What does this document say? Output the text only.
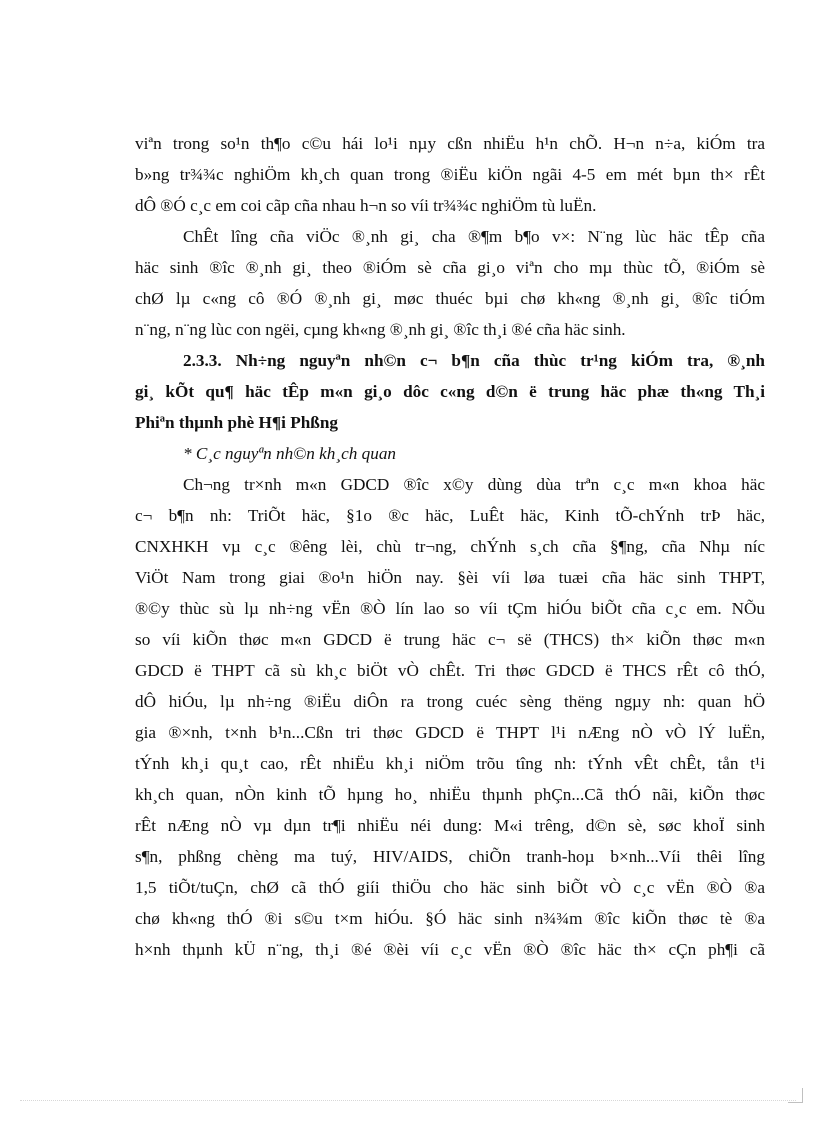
viªn trong so¹n th¶o c©u hái lo¹i nµy cßn nhiËu h¹n chÕ. H¬n n÷a, kiÓm tra
b»ng tr¾¾c nghiÖm kh¸ch quan trong ®iËu kiÖn ngãi 4-5 em mét bµn th× rÊt
dÔ ®Ó c¸c em coi cãp cña nhau h¬n so víi tr¾¾c nghiÖm tù luËn.
ChÊt lîng cña viÖc ®¸nh gi¸ cha ®¶m b¶o v×: N¨ng lùc häc tÊp cña
häc sinh ®îc ®¸nh gi¸ theo ®iÓm sè cña gi¸o viªn cho mµ thùc tÕ, ®iÓm sè
chØ lµ c«ng cô ®Ó ®¸nh gi¸ møc thuéc bµi chø kh«ng ®¸nh gi¸ ®îc tiÓm
n¨ng, n¨ng lùc con ngëi, cµng kh«ng ®¸nh gi¸ ®îc th¸i ®é cña häc sinh.
2.3.3. Nh÷ng nguyªn nh©n c¬ b¶n cña thùc tr¹ng kiÓm tra, ®¸nh
gi¸ kÕt qu¶ häc tÊp m«n gi¸o dôc c«ng d©n ë trung häc phæ th«ng Th¸i
Phiªn thµnh phè H¶i Phßng
* C¸c nguyªn nh©n kh¸ch quan
Ch¬ng tr×nh m«n GDCD ®îc x©y dùng dùa trªn c¸c m«n khoa häc
c¬ b¶n nh: TriÕt häc, §1o ®c häc, LuÊt häc, Kinh tÕ-chÝnh trÞ häc,
CNXHKH vµ c¸c ®êng lèi, chù tr¬ng, chÝnh s¸ch cña §¶ng, cña Nhµ níc
ViÖt Nam trong giai ®o¹n hiÖn nay. §èi víi løa tuæi cña häc sinh THPT,
®©y thùc sù lµ nh÷ng vËn ®Ò lín lao so víi tÇm hiÓu biÕt cña c¸c em. NÕu
so víi kiÕn thøc m«n GDCD ë trung häc c¬ së (THCS) th× kiÕn thøc m«n
GDCD ë THPT cã sù kh¸c biÖt vÒ chÊt. Tri thøc GDCD ë THCS rÊt cô thÓ,
dÔ hiÓu, lµ nh÷ng ®iËu diÔn ra trong cuéc sèng thëng ngµy nh: quan hÖ
gia ®×nh, t×nh b¹n...Cßn tri thøc GDCD ë THPT l¹i nÆng nÒ vÒ lÝ luËn,
tÝnh kh¸i qu¸t cao, rÊt nhiËu kh¸i niÖm trõu tîng nh: tÝnh vÊt chÊt, tån t¹i
kh¸ch quan, nÒn kinh tÕ hµng ho¸ nhiËu thµnh phÇn...Cã thÓ nãi, kiÕn thøc
rÊt nÆng nÒ vµ dµn tr¶i nhiËu néi dung: M«i trêng, d©n sè, søc khoÏ sinh
s¶n, phßng chèng ma tuý, HIV/AIDS, chiÕn tranh-hoµ b×nh...Víi thêi lîng
1,5 tiÕt/tuÇn, chØ cã thÓ giíi thiÖu cho häc sinh biÕt vÒ c¸c vËn ®Ò ®a
chø kh«ng thÓ ®i s©u t×m hiÓu. §Ó häc sinh n¾¾m ®îc kiÕn thøc tè ®a
h×nh thµnh kÜ n¨ng, th¸i ®é ®èi víi c¸c vËn ®Ò ®îc häc th× cÇn ph¶i cã
